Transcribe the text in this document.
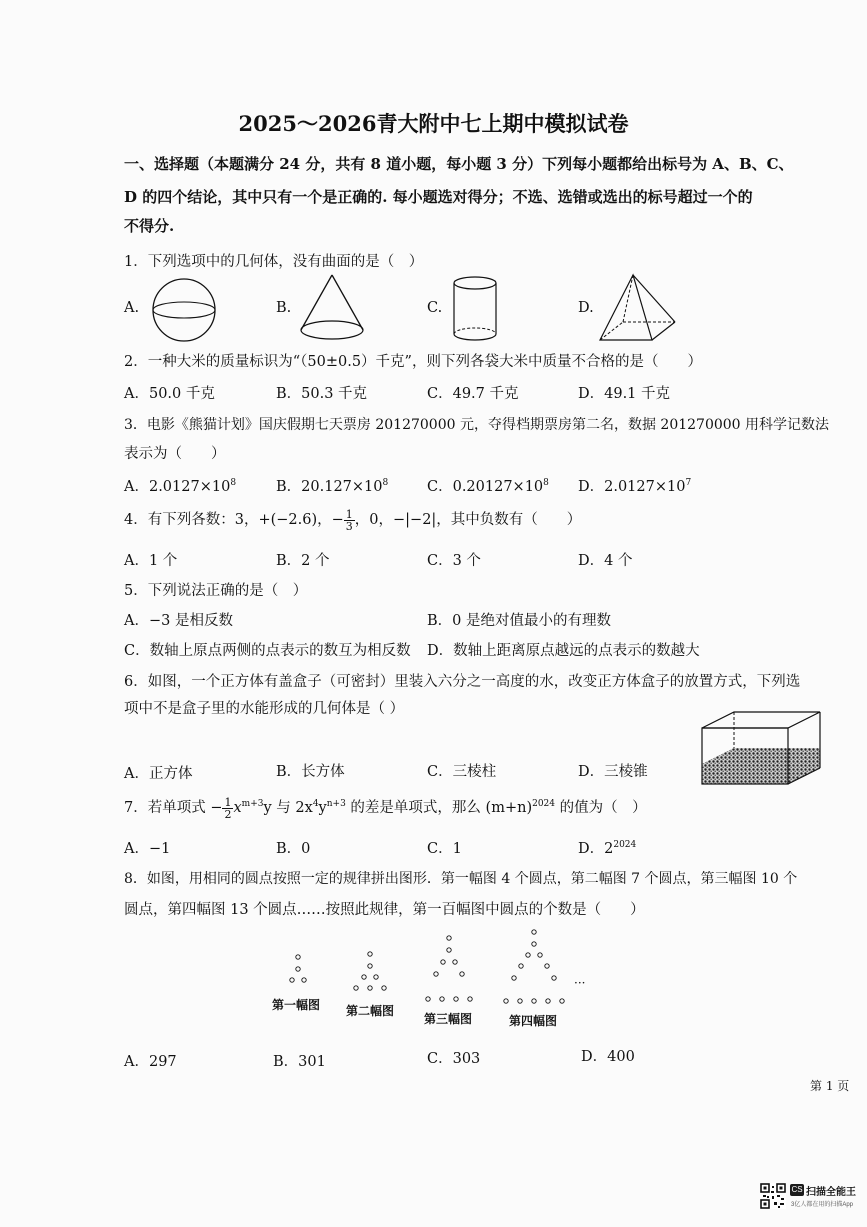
2025～2026青大附中七上期中模拟试卷
一、选择题（本题满分 24 分，共有 8 道小题，每小题 3 分）下列每小题都给出标号为 A、B、C、
D 的四个结论，其中只有一个是正确的. 每小题选对得分；不选、选错或选出的标号超过一个的
不得分.
1．下列选项中的几何体，没有曲面的是（　）
A.	B.	C.	D.
2．一种大米的质量标识为“（50±0.5）千克”，则下列各袋大米中质量不合格的是（　　）
A．50.0 千克	B．50.3 千克	C．49.7 千克	D．49.1 千克
3．电影《熊猫计划》国庆假期七天票房 201270000 元，夺得档期票房第二名，数据 201270000 用科学记数法
表示为（　　）
A．$2.0127\times 10^8$	B．$20.127\times 10^8$	C．$0.20127\times 10^8$ D．$2.0127\times 10^7$
4．有下列各数：3，+(−2.6)，− $\frac{1}{3}$ ，0，−|−2|，其中负数有（　　）
A．1 个	B．2 个	C．3 个	D．4 个
5．下列说法正确的是（　）
A．−3 是相反数	B．0 是绝对值最小的有理数
C．数轴上原点两侧的点表示的数互为相反数 D．数轴上距离原点越远的点表示的数越大
6．如图，一个正方体有盖盒子（可密封）里装入六分之一高度的水，改变正方体盒子的放置方式，下列选
项中不是盒子里的水能形成的几何体是（ ）
A．正方体	B．长方体	C．三棱柱	D．三棱锥
7．若单项式 − $\frac{1}{2} x^{m+3}y$ 与 $2x^4y^{n+3}$ 的差是单项式，那么 $(m+n)^{2024}$ 的值为（　）
A．−1	B．0	C．1	D．$2^{2024}$
8．如图，用相同的圆点按照一定的规律拼出图形．第一幅图 4 个圆点，第二幅图 7 个圆点，第三幅图 10 个
圆点，第四幅图 13 个圆点……按照此规律，第一百幅图中圆点的个数是（　　）
第一幅图 第二幅图
第三幅图	第四幅图
···
A．297	B．301	C．303	D．400
第 1 页
CS 扫描全能王
3亿人都在用的扫描App
